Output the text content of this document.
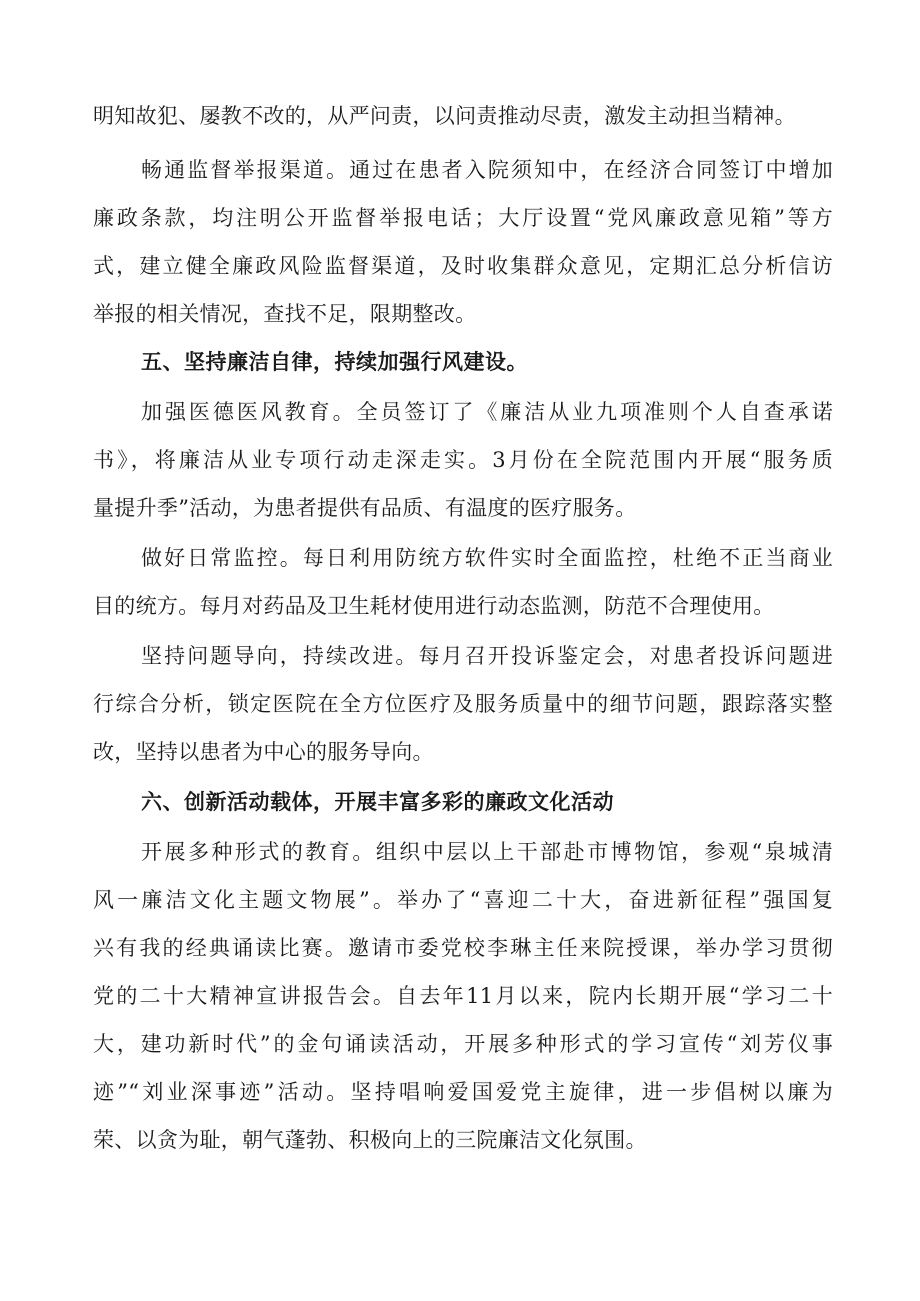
明知故犯、屡教不改的，从严问责，以问责推动尽责，激发主动担当精神。
畅通监督举报渠道。通过在患者入院须知中，在经济合同签订中增加
廉政条款，均注明公开监督举报电话；大厅设置“党风廉政意见箱”等方
式，建立健全廉政风险监督渠道，及时收集群众意见，定期汇总分析信访
举报的相关情况，查找不足，限期整改。
五、坚持廉洁自律，持续加强行风建设。
加强医德医风教育。全员签订了《廉洁从业九项准则个人自查承诺
书》，将廉洁从业专项行动走深走实。3月份在全院范围内开展“服务质
量提升季”活动，为患者提供有品质、有温度的医疗服务。
做好日常监控。每日利用防统方软件实时全面监控，杜绝不正当商业
目的统方。每月对药品及卫生耗材使用进行动态监测，防范不合理使用。
坚持问题导向，持续改进。每月召开投诉鉴定会，对患者投诉问题进
行综合分析，锁定医院在全方位医疗及服务质量中的细节问题，跟踪落实整
改，坚持以患者为中心的服务导向。
六、创新活动载体，开展丰富多彩的廉政文化活动
开展多种形式的教育。组织中层以上干部赴市博物馆，参观“泉城清
风一廉洁文化主题文物展”。举办了“喜迎二十大，奋进新征程”强国复
兴有我的经典诵读比赛。邀请市委党校李琳主任来院授课，举办学习贯彻
党的二十大精神宣讲报告会。自去年11月以来，院内长期开展“学习二十
大，建功新时代”的金句诵读活动，开展多种形式的学习宣传“刘芳仪事
迹”“刘业深事迹”活动。坚持唱响爱国爱党主旋律，进一步倡树以廉为
荣、以贪为耻，朝气蓬勃、积极向上的三院廉洁文化氛围。
